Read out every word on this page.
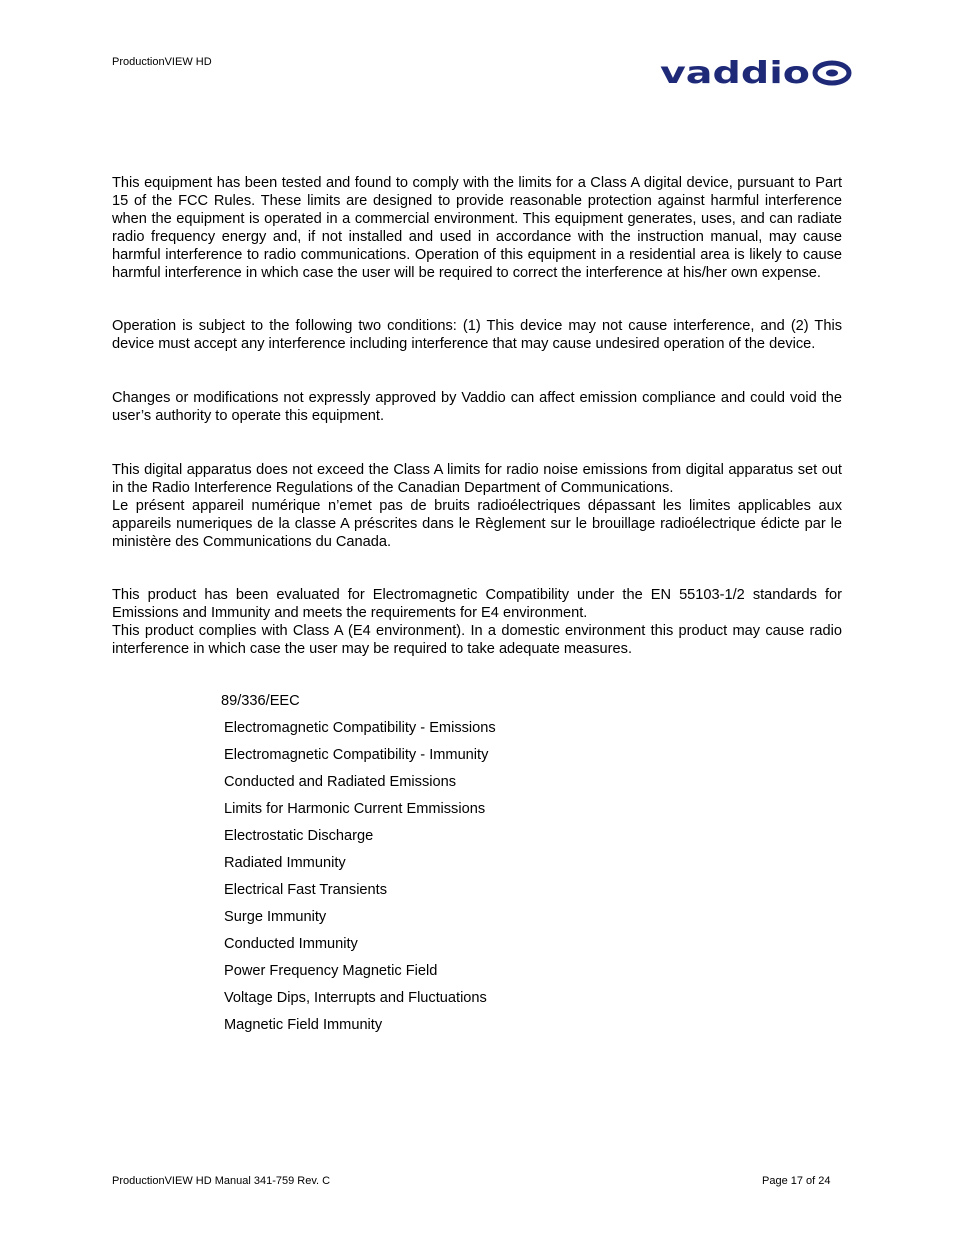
ProductionVIEW HD	vaddio

This equipment has been tested and found to comply with the limits for a Class A digital device, pursuant to Part 15 of the FCC Rules. These limits are designed to provide reasonable protection against harmful interference when the equipment is operated in a commercial environment. This equipment generates, uses, and can radiate radio frequency energy and, if not installed and used in accordance with the instruction manual, may cause harmful interference to radio communications. Operation of this equipment in a residential area is likely to cause harmful interference in which case the user will be required to correct the interference at his/her own expense.

Operation is subject to the following two conditions: (1) This device may not cause interference, and (2) This device must accept any interference including interference that may cause undesired operation of the device.

Changes or modifications not expressly approved by Vaddio can affect emission compliance and could void the user’s authority to operate this equipment.

This digital apparatus does not exceed the Class A limits for radio noise emissions from digital apparatus set out in the Radio Interference Regulations of the Canadian Department of Communications.

Le présent appareil numérique n’emet pas de bruits radioélectriques dépassant les limites applicables aux appareils numeriques de la classe A préscrites dans le Règlement sur le brouillage radioélectrique édicte par le ministère des Communications du Canada.

This product has been evaluated for Electromagnetic Compatibility under the EN 55103-1/2 standards for Emissions and Immunity and meets the requirements for E4 environment.

This product complies with Class A (E4 environment). In a domestic environment this product may cause radio interference in which case the user may be required to take adequate measures.

89/336/EEC
Electromagnetic Compatibility - Emissions
Electromagnetic Compatibility - Immunity
Conducted and Radiated Emissions
Limits for Harmonic Current Emmissions
Electrostatic Discharge
Radiated Immunity
Electrical Fast Transients
Surge Immunity
Conducted Immunity
Power Frequency Magnetic Field
Voltage Dips, Interrupts and Fluctuations
Magnetic Field Immunity
ProductionVIEW HD Manual 341-759 Rev. C	Page 17 of 24
